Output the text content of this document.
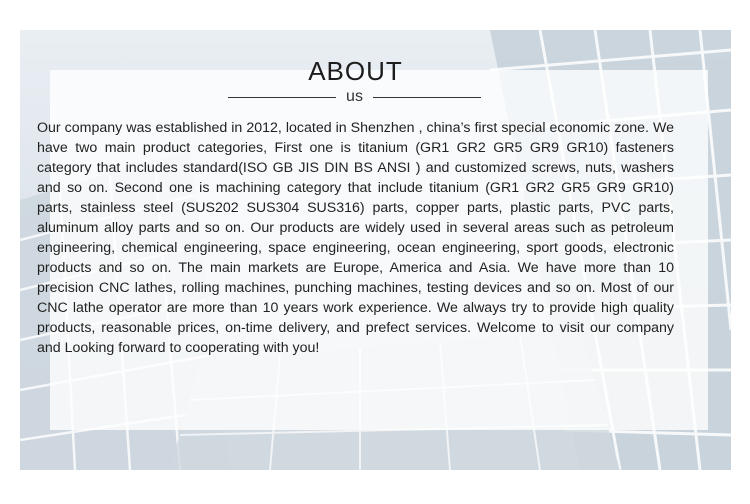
ABOUT
us

Our company was established in 2012, located in Shenzhen , china’s first special economic zone. We have two main product categories, First one is titanium (GR1 GR2 GR5 GR9 GR10) fasteners category that includes standard(ISO GB JIS DIN BS ANSI ) and customized screws, nuts, washers and so on. Second one is machining category that include titanium (GR1 GR2 GR5 GR9 GR10) parts, stainless steel (SUS202 SUS304 SUS316) parts, copper parts, plastic parts, PVC parts, aluminum alloy parts and so on. Our products are widely used in several areas such as petroleum engineering, chemical engineering, space engineering, ocean engineering, sport goods, electronic products and so on. The main markets are Europe, America and Asia. We have more than 10 precision CNC lathes, rolling machines, punching machines, testing devices and so on. Most of our CNC lathe operator are more than 10 years work experience. We always try to provide high quality products, reasonable prices, on-time delivery, and prefect services. Welcome to visit our company and Looking forward to cooperating with you!
